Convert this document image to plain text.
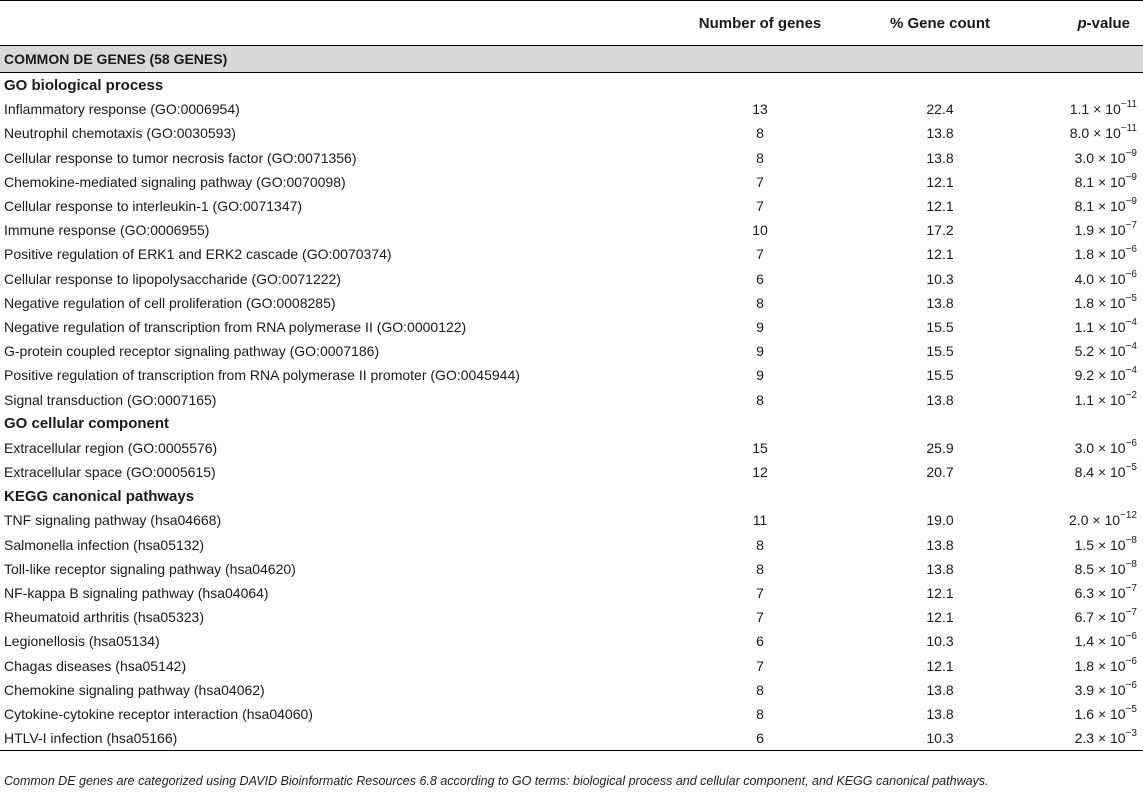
	Number of genes	% Gene count	p-value
COMMON DE GENES (58 GENES)			
GO biological process			
Inflammatory response (GO:0006954)	13	22.4	$1.1 \times 10^{-11}$
Neutrophil chemotaxis (GO:0030593)	8	13.8	$8.0 \times 10^{-11}$
Cellular response to tumor necrosis factor (GO:0071356)	8	13.8	$3.0 \times 10^{-9}$
Chemokine-mediated signaling pathway (GO:0070098)	7	12.1	$8.1 \times 10^{-9}$
Cellular response to interleukin-1 (GO:0071347)	7	12.1	$8.1 \times 10^{-9}$
Immune response (GO:0006955)	10	17.2	$1.9 \times 10^{-7}$
Positive regulation of ERK1 and ERK2 cascade (GO:0070374)	7	12.1	$1.8 \times 10^{-6}$
Cellular response to lipopolysaccharide (GO:0071222)	6	10.3	$4.0 \times 10^{-6}$
Negative regulation of cell proliferation (GO:0008285)	8	13.8	$1.8 \times 10^{-5}$
Negative regulation of transcription from RNA polymerase II (GO:0000122)	9	15.5	$1.1 \times 10^{-4}$
G-protein coupled receptor signaling pathway (GO:0007186)	9	15.5	$5.2 \times 10^{-4}$
Positive regulation of transcription from RNA polymerase II promoter (GO:0045944)	9	15.5	$9.2 \times 10^{-4}$
Signal transduction (GO:0007165)	8	13.8	$1.1 \times 10^{-2}$
GO cellular component			
Extracellular region (GO:0005576)	15	25.9	$3.0 \times 10^{-6}$
Extracellular space (GO:0005615)	12	20.7	$8.4 \times 10^{-5}$
KEGG canonical pathways			
TNF signaling pathway (hsa04668)	11	19.0	$2.0 \times 10^{-12}$
Salmonella infection (hsa05132)	8	13.8	$1.5 \times 10^{-8}$
Toll-like receptor signaling pathway (hsa04620)	8	13.8	$8.5 \times 10^{-8}$
NF-kappa B signaling pathway (hsa04064)	7	12.1	$6.3 \times 10^{-7}$
Rheumatoid arthritis (hsa05323)	7	12.1	$6.7 \times 10^{-7}$
Legionellosis (hsa05134)	6	10.3	$1.4 \times 10^{-6}$
Chagas diseases (hsa05142)	7	12.1	$1.8 \times 10^{-6}$
Chemokine signaling pathway (hsa04062)	8	13.8	$3.9 \times 10^{-6}$
Cytokine-cytokine receptor interaction (hsa04060)	8	13.8	$1.6 \times 10^{-5}$
HTLV-I infection (hsa05166)	6	10.3	$2.3 \times 10^{-3}$
Common DE genes are categorized using DAVID Bioinformatic Resources 6.8 according to GO terms: biological process and cellular component, and KEGG canonical pathways.
